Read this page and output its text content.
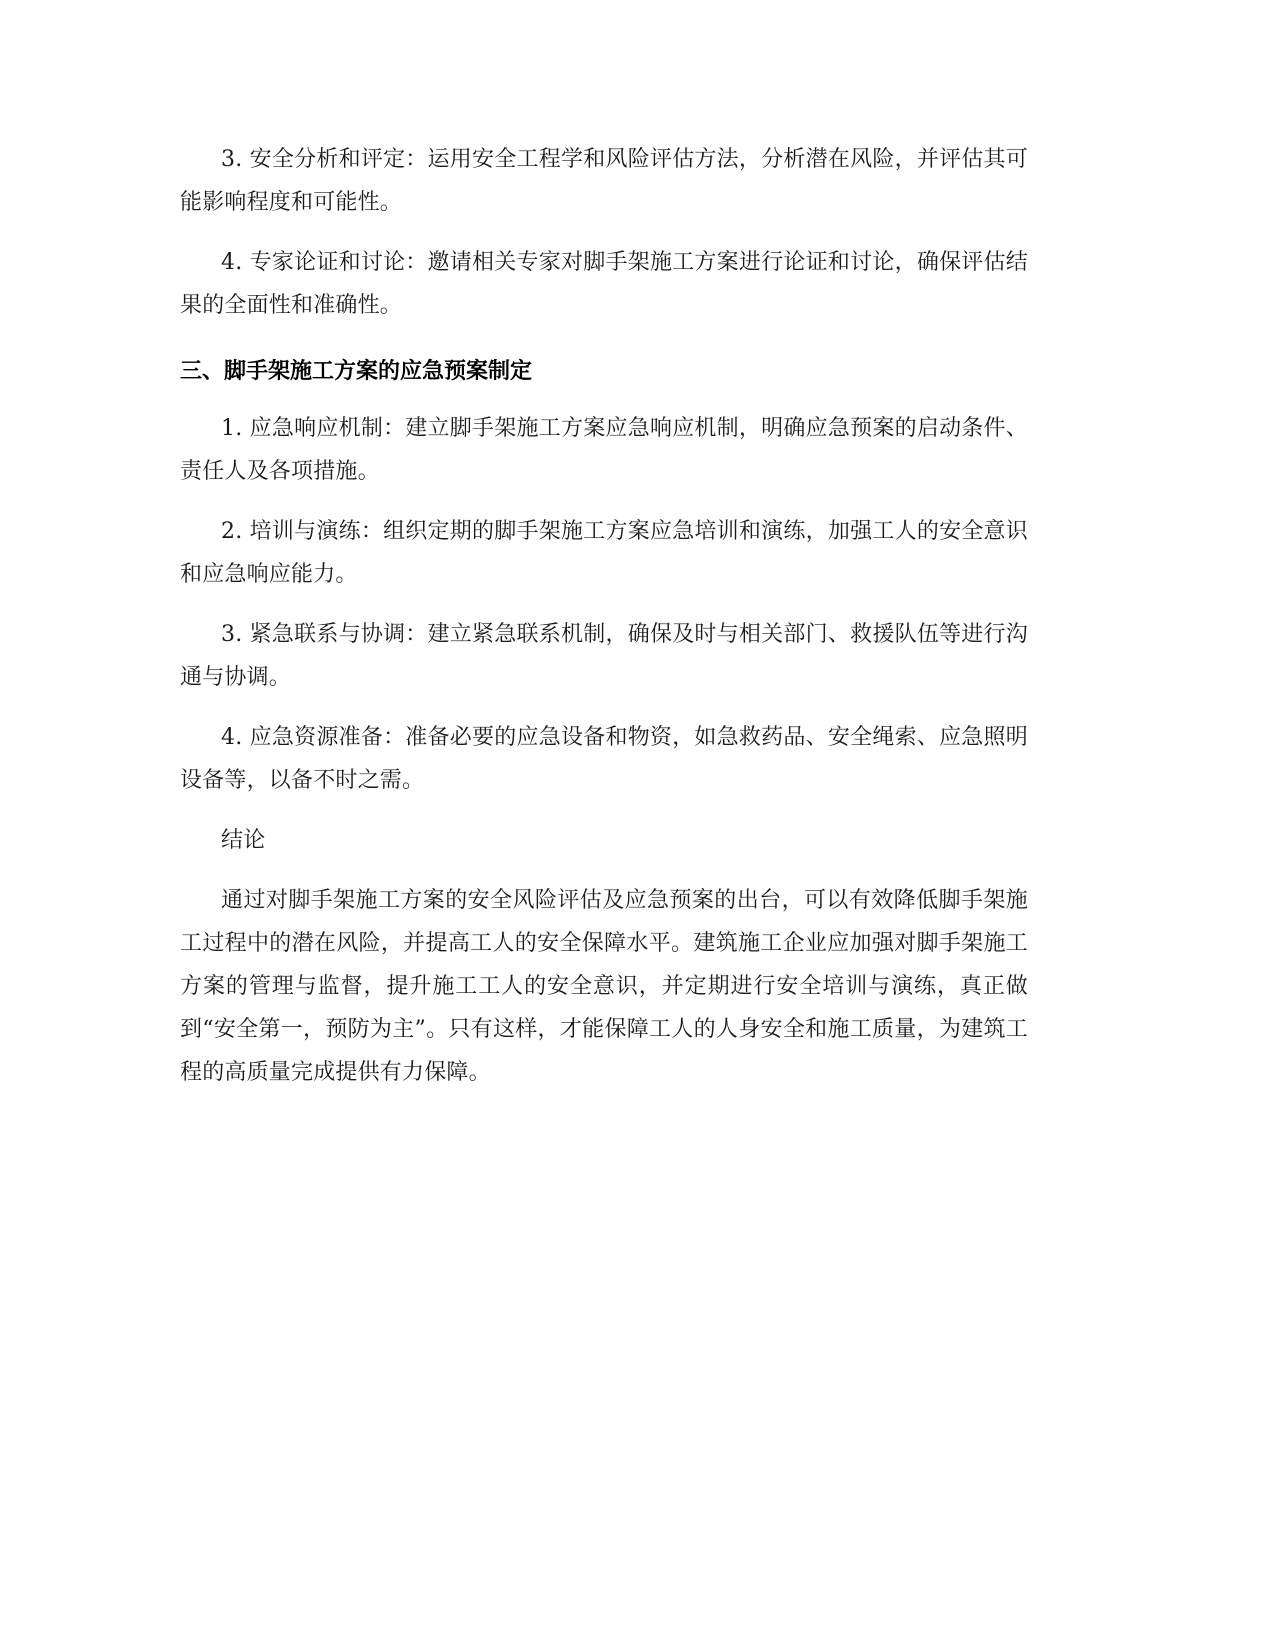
3. 安全分析和评定：运用安全工程学和风险评估方法，分析潜在风险，并评估其可能影响程度和可能性。

4. 专家论证和讨论：邀请相关专家对脚手架施工方案进行论证和讨论，确保评估结果的全面性和准确性。

三、脚手架施工方案的应急预案制定

1. 应急响应机制：建立脚手架施工方案应急响应机制，明确应急预案的启动条件、责任人及各项措施。

2. 培训与演练：组织定期的脚手架施工方案应急培训和演练，加强工人的安全意识和应急响应能力。

3. 紧急联系与协调：建立紧急联系机制，确保及时与相关部门、救援队伍等进行沟通与协调。

4. 应急资源准备：准备必要的应急设备和物资，如急救药品、安全绳索、应急照明设备等，以备不时之需。

结论

通过对脚手架施工方案的安全风险评估及应急预案的出台，可以有效降低脚手架施工过程中的潜在风险，并提高工人的安全保障水平。建筑施工企业应加强对脚手架施工方案的管理与监督，提升施工工人的安全意识，并定期进行安全培训与演练，真正做到“安全第一，预防为主”。只有这样，才能保障工人的人身安全和施工质量，为建筑工程的高质量完成提供有力保障。
